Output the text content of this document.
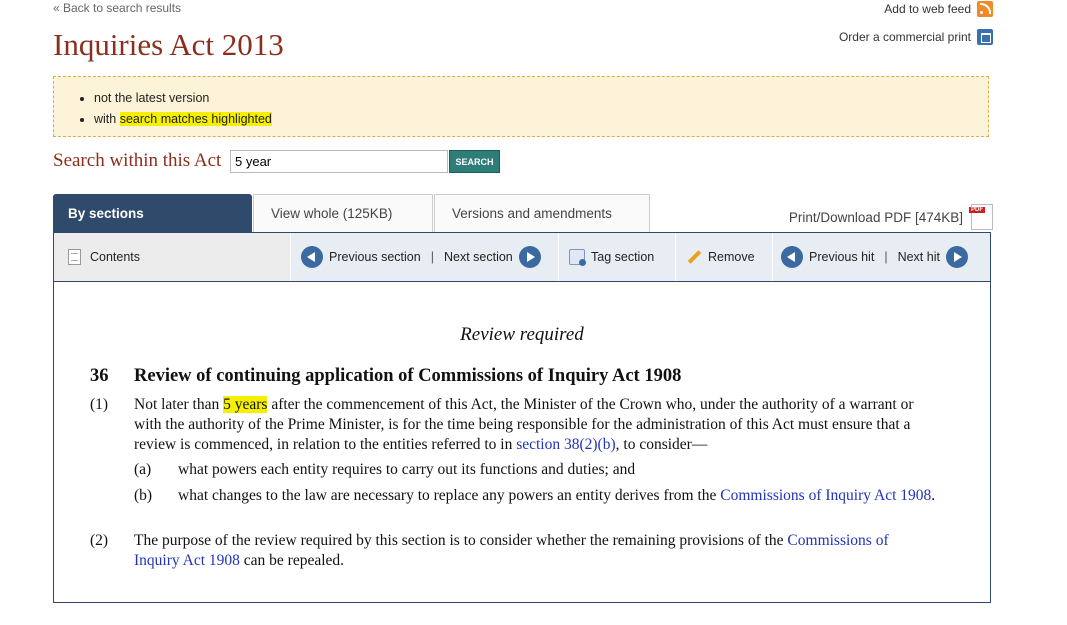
« Back to search results	Add to web feed
Order a commercial print
Inquiries Act 2013
• not the latest version
• with search matches highlighted
Search within this Act
5 year	SEARCH
By sections	View whole (125KB)	Versions and amendments	Print/Download PDF [474KB]
PDF
Contents	Previous section | Next section	Tag section	Remove	Previous hit | Next hit
Review required
36 Review of continuing application of Commissions of Inquiry Act 1908
(1) Not later than 5 years after the commencement of this Act, the Minister of the Crown who, under the authority of a warrant or with the authority of the Prime Minister, is for the time being responsible for the administration of this Act must ensure that a review is commenced, in relation to the entities referred to in section 38(2)(b), to consider—
(a) what powers each entity requires to carry out its functions and duties; and
(b) what changes to the law are necessary to replace any powers an entity derives from the Commissions of Inquiry Act 1908.
(2) The purpose of the review required by this section is to consider whether the remaining provisions of the Commissions of Inquiry Act 1908 can be repealed.
